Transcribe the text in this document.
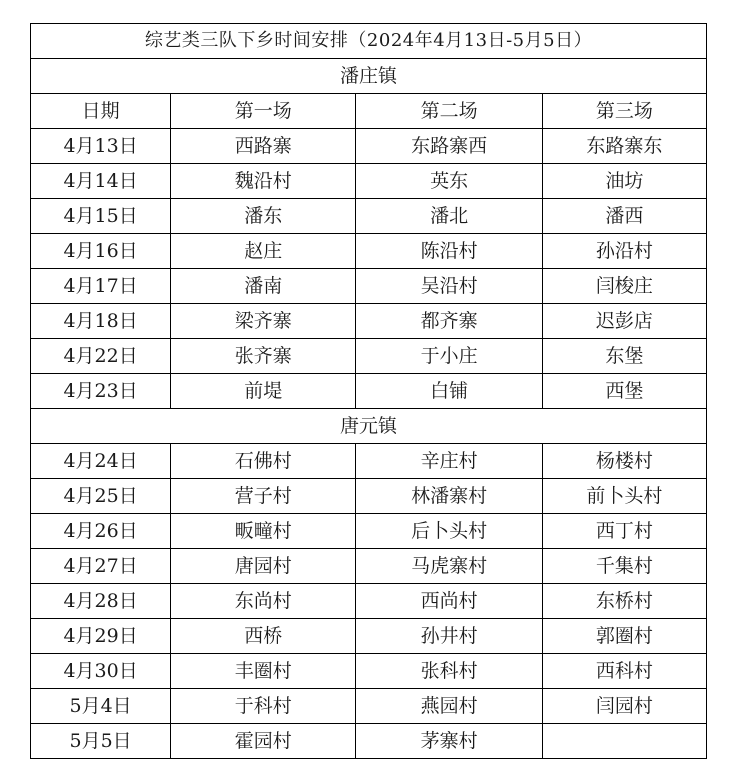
综艺类三队下乡时间安排（2024年4月13日-5月5日）			
潘庄镇			
日期	第一场	第二场	第三场
4月13日	西路寨	东路寨西	东路寨东
4月14日	魏沿村	英东	油坊
4月15日	潘东	潘北	潘西
4月16日	赵庄	陈沿村	孙沿村
4月17日	潘南	吴沿村	闫梭庄
4月18日	梁齐寨	都齐寨	迟彭店
4月22日	张齐寨	于小庄	东堡
4月23日	前堤	白铺	西堡
唐元镇			
4月24日	石佛村	辛庄村	杨楼村
4月25日	营子村	林潘寨村	前卜头村
4月26日	畈疃村	后卜头村	西丁村
4月27日	唐园村	马虎寨村	千集村
4月28日	东尚村	西尚村	东桥村
4月29日	西桥	孙井村	郭圈村
4月30日	丰圈村	张科村	西科村
5月4日	于科村	燕园村	闫园村
5月5日	霍园村	茅寨村	
